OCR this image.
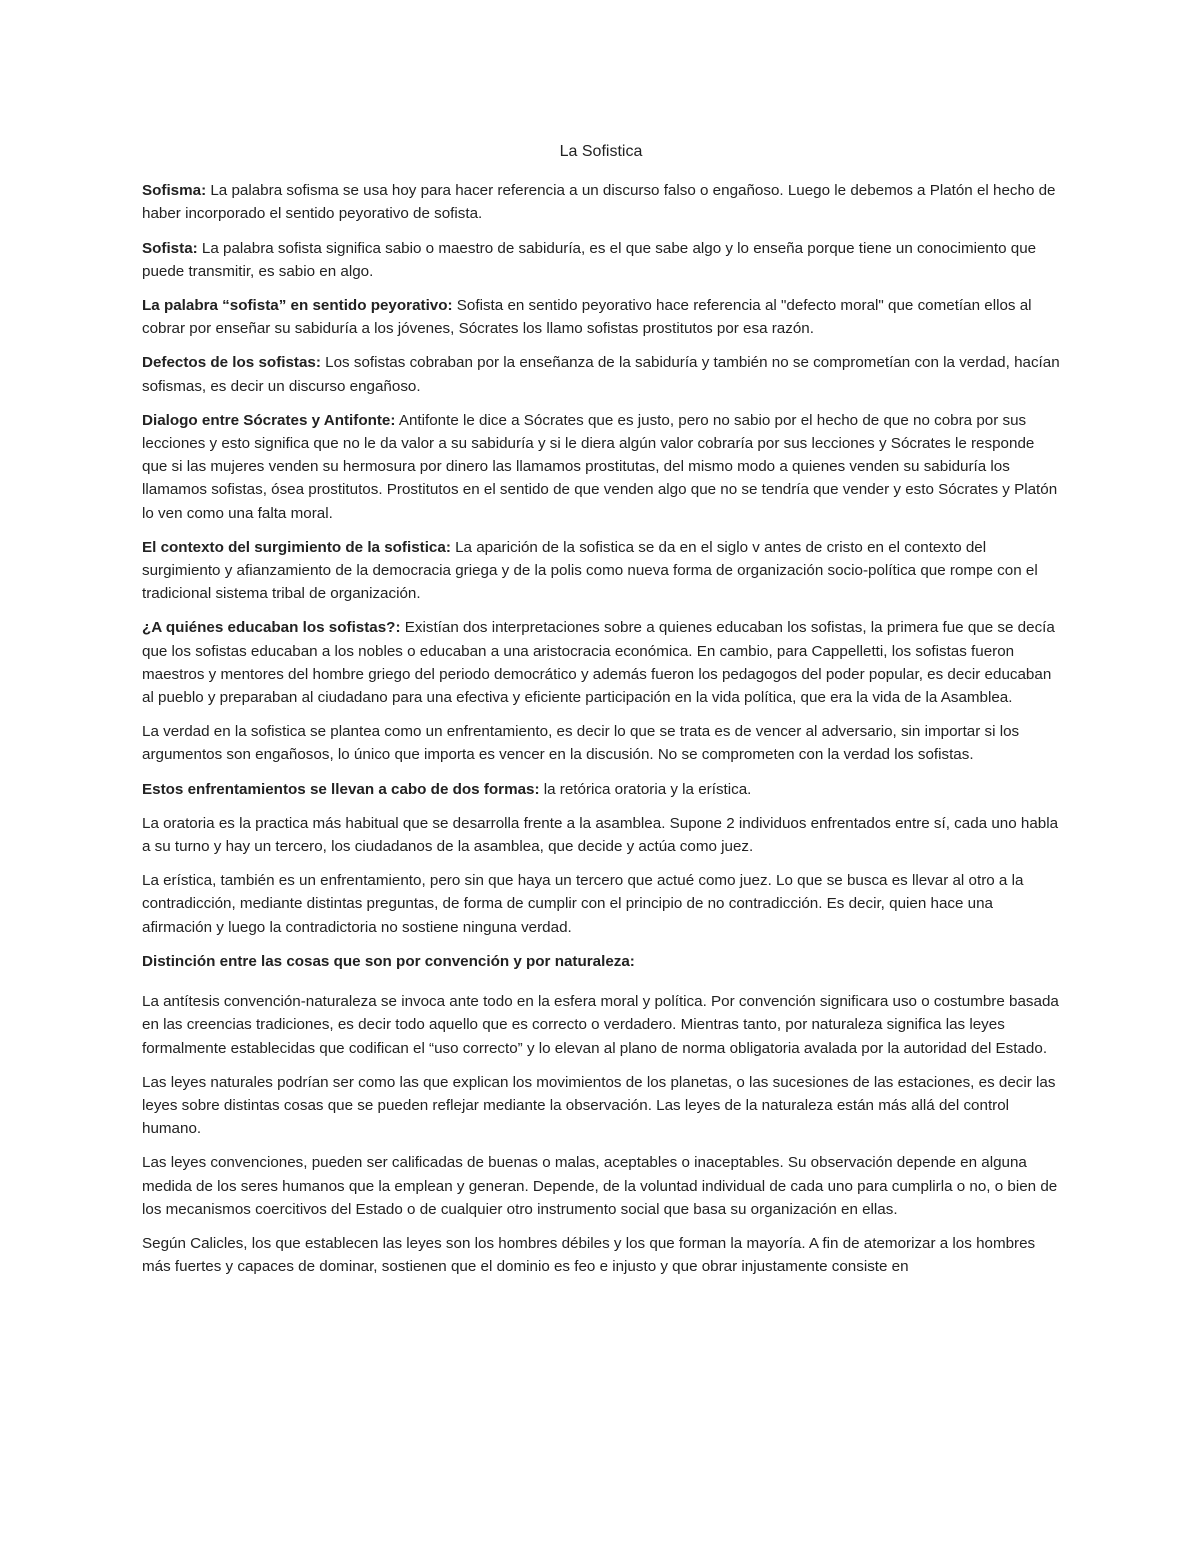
La Sofistica
Sofisma: La palabra sofisma se usa hoy para hacer referencia a un discurso falso o engañoso. Luego le debemos a Platón el hecho de haber incorporado el sentido peyorativo de sofista.
Sofista: La palabra sofista significa sabio o maestro de sabiduría, es el que sabe algo y lo enseña porque tiene un conocimiento que puede transmitir, es sabio en algo.
La palabra “sofista” en sentido peyorativo: Sofista en sentido peyorativo hace referencia al "defecto moral" que cometían ellos al cobrar por enseñar su sabiduría a los jóvenes, Sócrates los llamo sofistas prostitutos por esa razón.
Defectos de los sofistas: Los sofistas cobraban por la enseñanza de la sabiduría y también no se comprometían con la verdad, hacían sofismas, es decir un discurso engañoso.
Dialogo entre Sócrates y Antifonte: Antifonte le dice a Sócrates que es justo, pero no sabio por el hecho de que no cobra por sus lecciones y esto significa que no le da valor a su sabiduría y si le diera algún valor cobraría por sus lecciones y Sócrates le responde que si las mujeres venden su hermosura por dinero las llamamos prostitutas, del mismo modo a quienes venden su sabiduría los llamamos sofistas, ósea prostitutos. Prostitutos en el sentido de que venden algo que no se tendría que vender y esto Sócrates y Platón lo ven como una falta moral.
El contexto del surgimiento de la sofistica: La aparición de la sofistica se da en el siglo v antes de cristo en el contexto del surgimiento y afianzamiento de la democracia griega y de la polis como nueva forma de organización socio-política que rompe con el tradicional sistema tribal de organización.
¿A quiénes educaban los sofistas?: Existían dos interpretaciones sobre a quienes educaban los sofistas, la primera fue que se decía que los sofistas educaban a los nobles o educaban a una aristocracia económica. En cambio, para Cappelletti, los sofistas fueron maestros y mentores del hombre griego del periodo democrático y además fueron los pedagogos del poder popular, es decir educaban al pueblo y preparaban al ciudadano para una efectiva y eficiente participación en la vida política, que era la vida de la Asamblea.
La verdad en la sofistica se plantea como un enfrentamiento, es decir lo que se trata es de vencer al adversario, sin importar si los argumentos son engañosos, lo único que importa es vencer en la discusión. No se comprometen con la verdad los sofistas.
Estos enfrentamientos se llevan a cabo de dos formas: la retórica oratoria y la erística.
La oratoria es la practica más habitual que se desarrolla frente a la asamblea. Supone 2 individuos enfrentados entre sí, cada uno habla a su turno y hay un tercero, los ciudadanos de la asamblea, que decide y actúa como juez.
La erística, también es un enfrentamiento, pero sin que haya un tercero que actué como juez. Lo que se busca es llevar al otro a la contradicción, mediante distintas preguntas, de forma de cumplir con el principio de no contradicción. Es decir, quien hace una afirmación y luego la contradictoria no sostiene ninguna verdad.
Distinción entre las cosas que son por convención y por naturaleza:
La antítesis convención-naturaleza se invoca ante todo en la esfera moral y política. Por convención significara uso o costumbre basada en las creencias tradiciones, es decir todo aquello que es correcto o verdadero. Mientras tanto, por naturaleza significa las leyes formalmente establecidas que codifican el “uso correcto” y lo elevan al plano de norma obligatoria avalada por la autoridad del Estado.
Las leyes naturales podrían ser como las que explican los movimientos de los planetas, o las sucesiones de las estaciones, es decir las leyes sobre distintas cosas que se pueden reflejar mediante la observación. Las leyes de la naturaleza están más allá del control humano.
Las leyes convenciones, pueden ser calificadas de buenas o malas, aceptables o inaceptables. Su observación depende en alguna medida de los seres humanos que la emplean y generan. Depende, de la voluntad individual de cada uno para cumplirla o no, o bien de los mecanismos coercitivos del Estado o de cualquier otro instrumento social que basa su organización en ellas.
Según Calicles, los que establecen las leyes son los hombres débiles y los que forman la mayoría. A fin de atemorizar a los hombres más fuertes y capaces de dominar, sostienen que el dominio es feo e injusto y que obrar injustamente consiste en
